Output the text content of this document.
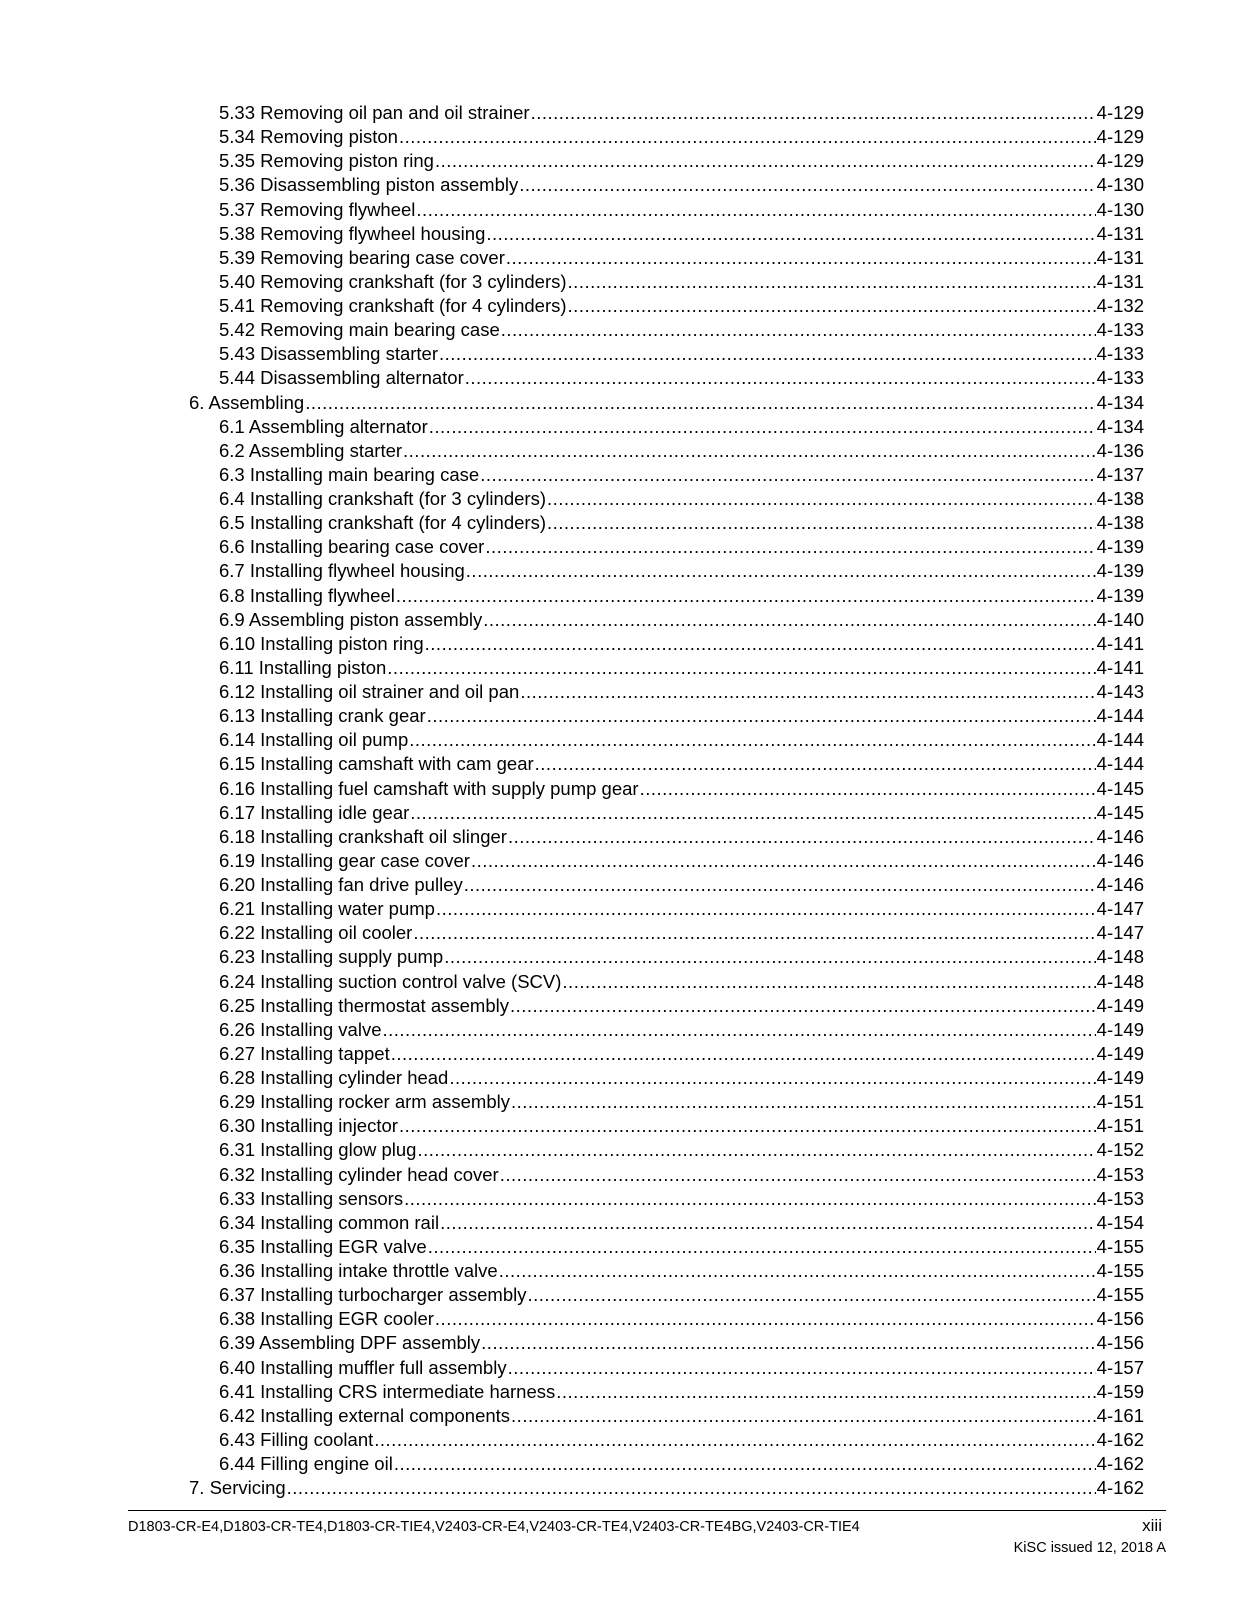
5.33 Removing oil pan and oil strainer .....	4-129
5.34 Removing piston .....	4-129
5.35 Removing piston ring .....	4-129
5.36 Disassembling piston assembly .....	4-130
5.37 Removing flywheel .....	4-130
5.38 Removing flywheel housing .....	4-131
5.39 Removing bearing case cover .....	4-131
5.40 Removing crankshaft (for 3 cylinders) .....	4-131
5.41 Removing crankshaft (for 4 cylinders) .....	4-132
5.42 Removing main bearing case .....	4-133
5.43 Disassembling starter .....	4-133
5.44 Disassembling alternator .....	4-133
6. Assembling .....	4-134
6.1 Assembling alternator .....	4-134
6.2 Assembling starter .....	4-136
6.3 Installing main bearing case .....	4-137
6.4 Installing crankshaft (for 3 cylinders) .....	4-138
6.5 Installing crankshaft (for 4 cylinders) .....	4-138
6.6 Installing bearing case cover .....	4-139
6.7 Installing flywheel housing .....	4-139
6.8 Installing flywheel .....	4-139
6.9 Assembling piston assembly .....	4-140
6.10 Installing piston ring .....	4-141
6.11 Installing piston .....	4-141
6.12 Installing oil strainer and oil pan .....	4-143
6.13 Installing crank gear .....	4-144
6.14 Installing oil pump .....	4-144
6.15 Installing camshaft with cam gear .....	4-144
6.16 Installing fuel camshaft with supply pump gear .....	4-145
6.17 Installing idle gear .....	4-145
6.18 Installing crankshaft oil slinger .....	4-146
6.19 Installing gear case cover .....	4-146
6.20 Installing fan drive pulley .....	4-146
6.21 Installing water pump .....	4-147
6.22 Installing oil cooler .....	4-147
6.23 Installing supply pump .....	4-148
6.24 Installing suction control valve (SCV) .....	4-148
6.25 Installing thermostat assembly .....	4-149
6.26 Installing valve .....	4-149
6.27 Installing tappet .....	4-149
6.28 Installing cylinder head .....	4-149
6.29 Installing rocker arm assembly .....	4-151
6.30 Installing injector .....	4-151
6.31 Installing glow plug .....	4-152
6.32 Installing cylinder head cover .....	4-153
6.33 Installing sensors .....	4-153
6.34 Installing common rail .....	4-154
6.35 Installing EGR valve .....	4-155
6.36 Installing intake throttle valve .....	4-155
6.37 Installing turbocharger assembly .....	4-155
6.38 Installing EGR cooler .....	4-156
6.39 Assembling DPF assembly .....	4-156
6.40 Installing muffler full assembly .....	4-157
6.41 Installing CRS intermediate harness .....	4-159
6.42 Installing external components .....	4-161
6.43 Filling coolant .....	4-162
6.44 Filling engine oil .....	4-162
7. Servicing .....	4-162
D1803-CR-E4,D1803-CR-TE4,D1803-CR-TIE4,V2403-CR-E4,V2403-CR-TE4,V2403-CR-TE4BG,V2403-CR-TIE4	xiii
KiSC issued 12, 2018 A
